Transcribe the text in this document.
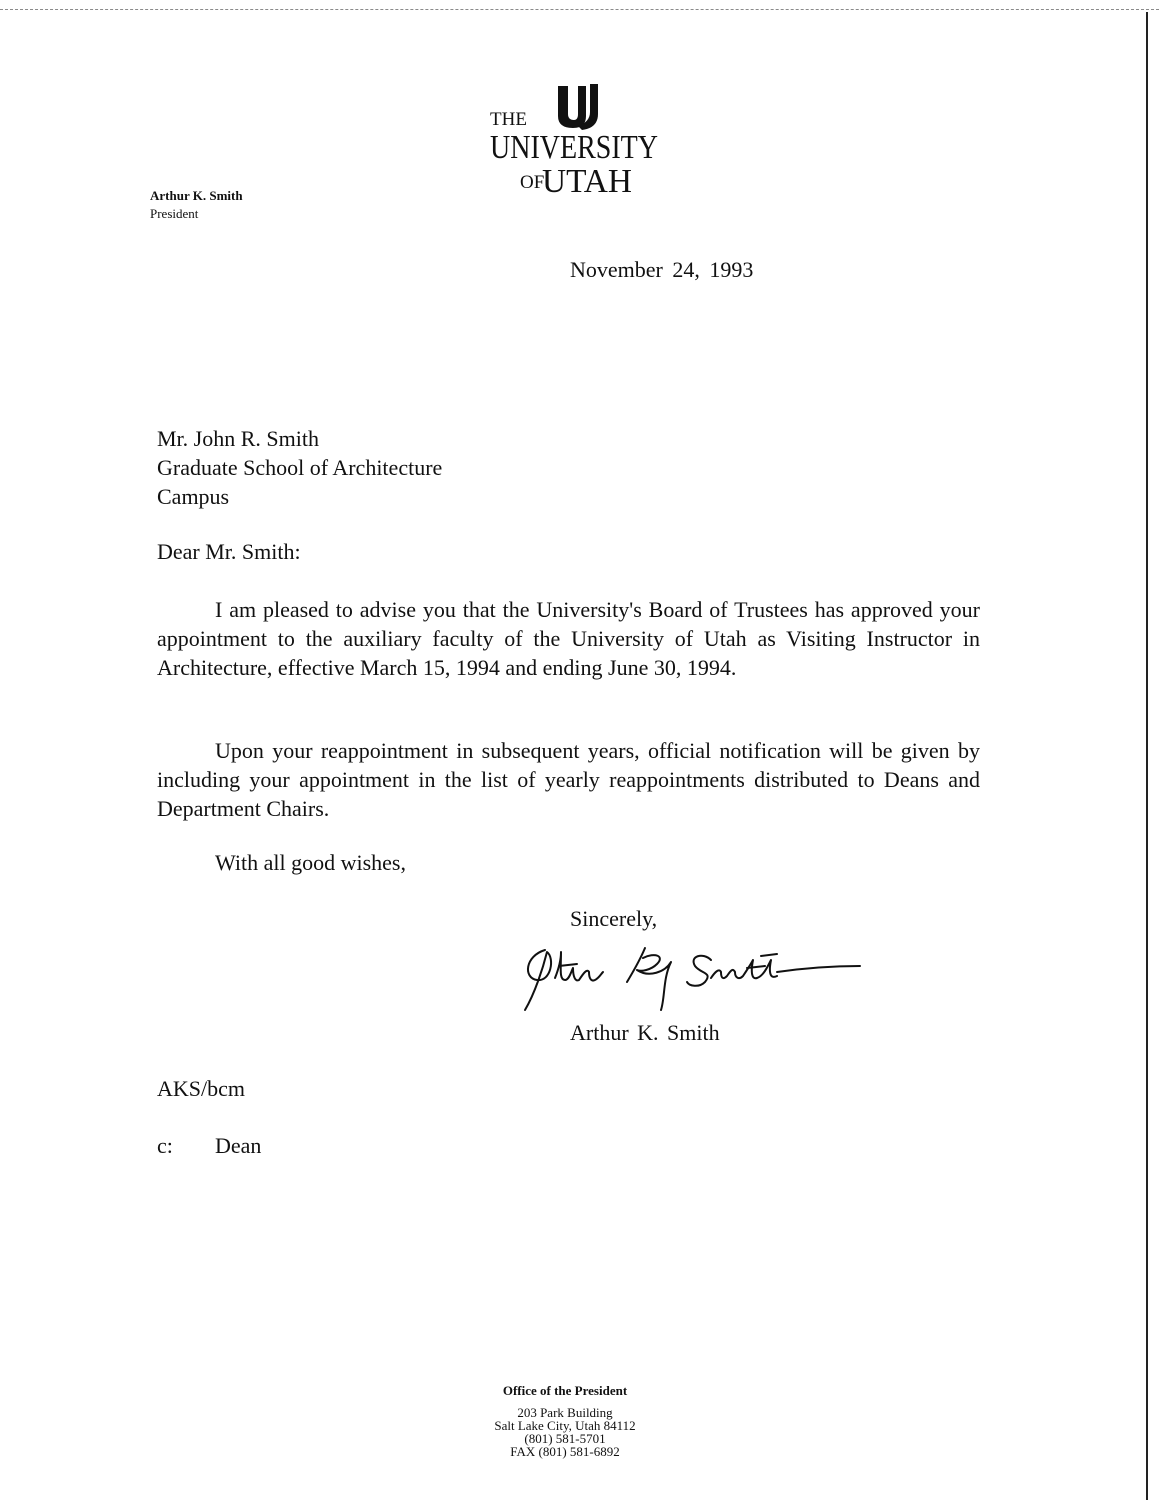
THE
UNIVERSITY
OF
UTAH
Arthur K. Smith
President
November 24, 1993
Mr. John R. Smith
Graduate School of Architecture
Campus
Dear Mr. Smith:
I am pleased to advise you that the University's Board of Trustees has approved your appointment to the auxiliary faculty of the University of Utah as Visiting Instructor in Architecture, effective March 15, 1994 and ending June 30, 1994.
Upon your reappointment in subsequent years, official notification will be given by including your appointment in the list of yearly reappointments distributed to Deans and Department Chairs.
With all good wishes,
Sincerely,
Arthur K. Smith
AKS/bcm
c: Dean
Office of the President
203 Park Building
Salt Lake City, Utah 84112
(801) 581-5701
FAX (801) 581-6892
